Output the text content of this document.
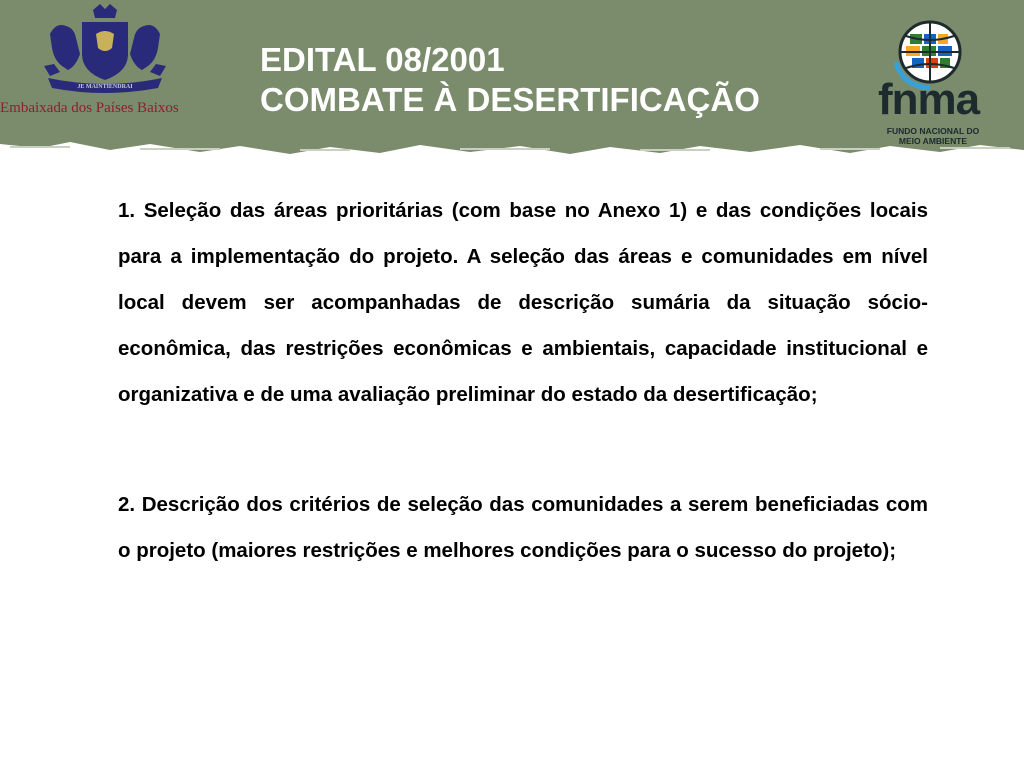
JE MAINTIENDRAI
Embaixada dos Países Baixos
EDITAL 08/2001
COMBATE À DESERTIFICAÇÃO	fnma
FUNDO NACIONAL DO
MEIO AMBIENTE

1. Seleção das áreas prioritárias (com base no Anexo 1) e das condições locais para a implementação do projeto. A seleção das áreas e comunidades em nível local devem ser acompanhadas de descrição sumária da situação sócio-econômica, das restrições econômicas e ambientais, capacidade institucional e organizativa e de uma avaliação preliminar do estado da desertificação;

2. Descrição dos critérios de seleção das comunidades a serem beneficiadas com o projeto (maiores restrições e melhores condições para o sucesso do projeto);
